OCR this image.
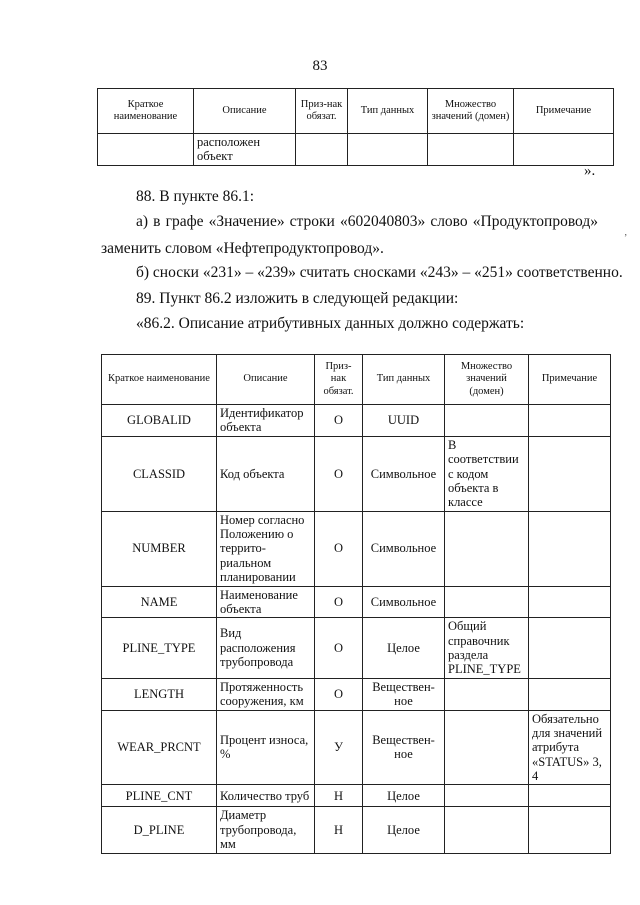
83
Краткое наименование	Описание	Приз-нак обязат.	Тип данных	Множество значений (домен)	Примечание
	расположен объект				
».
88. В пункте 86.1:
а) в графе «Значение» строки «602040803» слово «Продуктопровод»
заменить словом «Нефтепродуктопровод».
б) сноски «231» – «239» считать сносками «243» – «251» соответственно.
89. Пункт 86.2 изложить в следующей редакции:
«86.2. Описание атрибутивных данных должно содержать:
‚
Краткое наименование	Описание	Приз-нак обязат.	Тип данных	Множество значений (домен)	Примечание
GLOBALID	Идентификатор объекта	О	UUID		
CLASSID	Код объекта	О	Символьное	В соответствии с кодом объекта в классе	
NUMBER	Номер согласно Положению о террито-риальном планировании	О	Символьное		
NAME	Наименование объекта	О	Символьное		
PLINE_TYPE	Вид расположения трубопровода	О	Целое	Общий справочник раздела PLINE_TYPE	
LENGTH	Протяженность сооружения, км	О	Веществен-ное		
WEAR_PRCNT	Процент износа, %	У	Веществен-ное		Обязательно для значений атрибута «STATUS» 3, 4
PLINE_CNT	Количество труб	Н	Целое		
D_PLINE	Диаметр трубопровода, мм	Н	Целое		
